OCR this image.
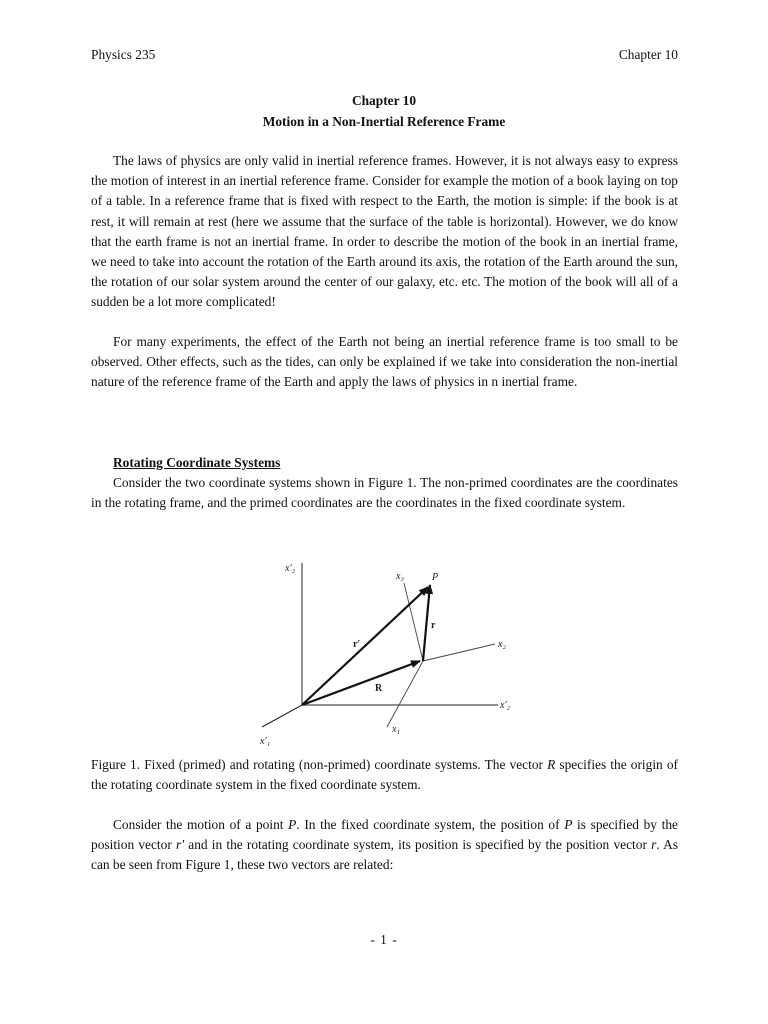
Physics 235	Chapter 10
Chapter 10
Motion in a Non-Inertial Reference Frame

The laws of physics are only valid in inertial reference frames. However, it is not always easy to express the motion of interest in an inertial reference frame. Consider for example the motion of a book laying on top of a table. In a reference frame that is fixed with respect to the Earth, the motion is simple: if the book is at rest, it will remain at rest (here we assume that the surface of the table is horizontal). However, we do know that the earth frame is not an inertial frame. In order to describe the motion of the book in an inertial frame, we need to take into account the rotation of the Earth around its axis, the rotation of the Earth around the sun, the rotation of our solar system around the center of our galaxy, etc. etc. The motion of the book will all of a sudden be a lot more complicated!

For many experiments, the effect of the Earth not being an inertial reference frame is too small to be observed. Other effects, such as the tides, can only be explained if we take into consideration the non-inertial nature of the reference frame of the Earth and apply the laws of physics in n inertial frame.

Rotating Coordinate Systems

Consider the two coordinate systems shown in Figure 1. The non-primed coordinates are the coordinates in the rotating frame, and the primed coordinates are the coordinates in the fixed coordinate system.

x′₃
x₃	P
r
x₂
r′
R
x′₂
x₁
x′₁

Figure 1. Fixed (primed) and rotating (non-primed) coordinate systems. The vector R specifies the origin of the rotating coordinate system in the fixed coordinate system.

Consider the motion of a point P. In the fixed coordinate system, the position of P is specified by the position vector r' and in the rotating coordinate system, its position is specified by the position vector r. As can be seen from Figure 1, these two vectors are related:

- 1 -
